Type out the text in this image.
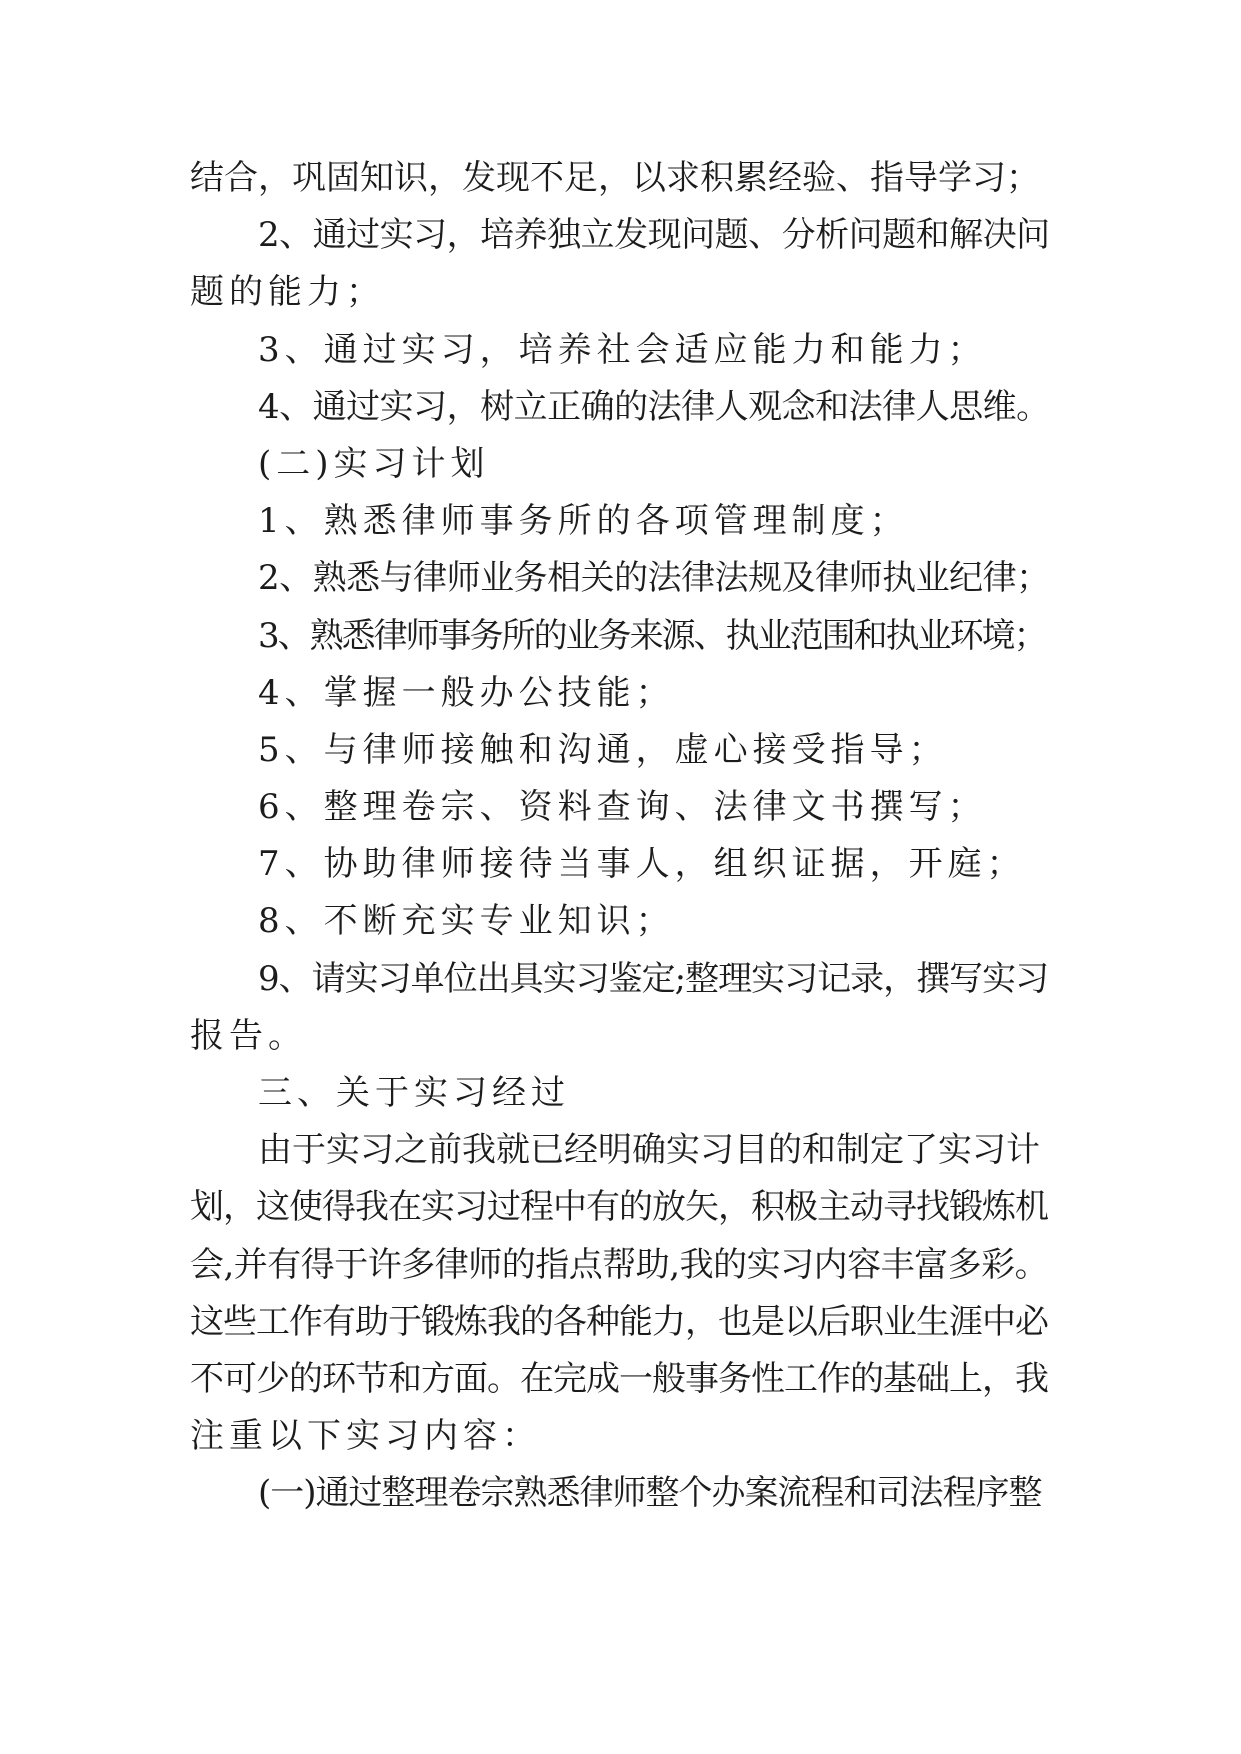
结合，巩固知识，发现不足，以求积累经验、指导学习；
2、通过实习，培养独立发现问题、分析问题和解决问
题的能力；
3、通过实习，培养社会适应能力和能力；
4、通过实习，树立正确的法律人观念和法律人思维。
(二)实习计划
1、熟悉律师事务所的各项管理制度；
2、熟悉与律师业务相关的法律法规及律师执业纪律；
3、熟悉律师事务所的业务来源、执业范围和执业环境；
4、掌握一般办公技能；
5、与律师接触和沟通，虚心接受指导；
6、整理卷宗、资料查询、法律文书撰写；
7、协助律师接待当事人，组织证据，开庭；
8、不断充实专业知识；
9、请实习单位出具实习鉴定;整理实习记录，撰写实习
报告。
三、关于实习经过
由于实习之前我就已经明确实习目的和制定了实习计
划，这使得我在实习过程中有的放矢，积极主动寻找锻炼机
会,并有得于许多律师的指点帮助,我的实习内容丰富多彩。
这些工作有助于锻炼我的各种能力，也是以后职业生涯中必
不可少的环节和方面。在完成一般事务性工作的基础上，我
注重以下实习内容：
(一)通过整理卷宗熟悉律师整个办案流程和司法程序整
